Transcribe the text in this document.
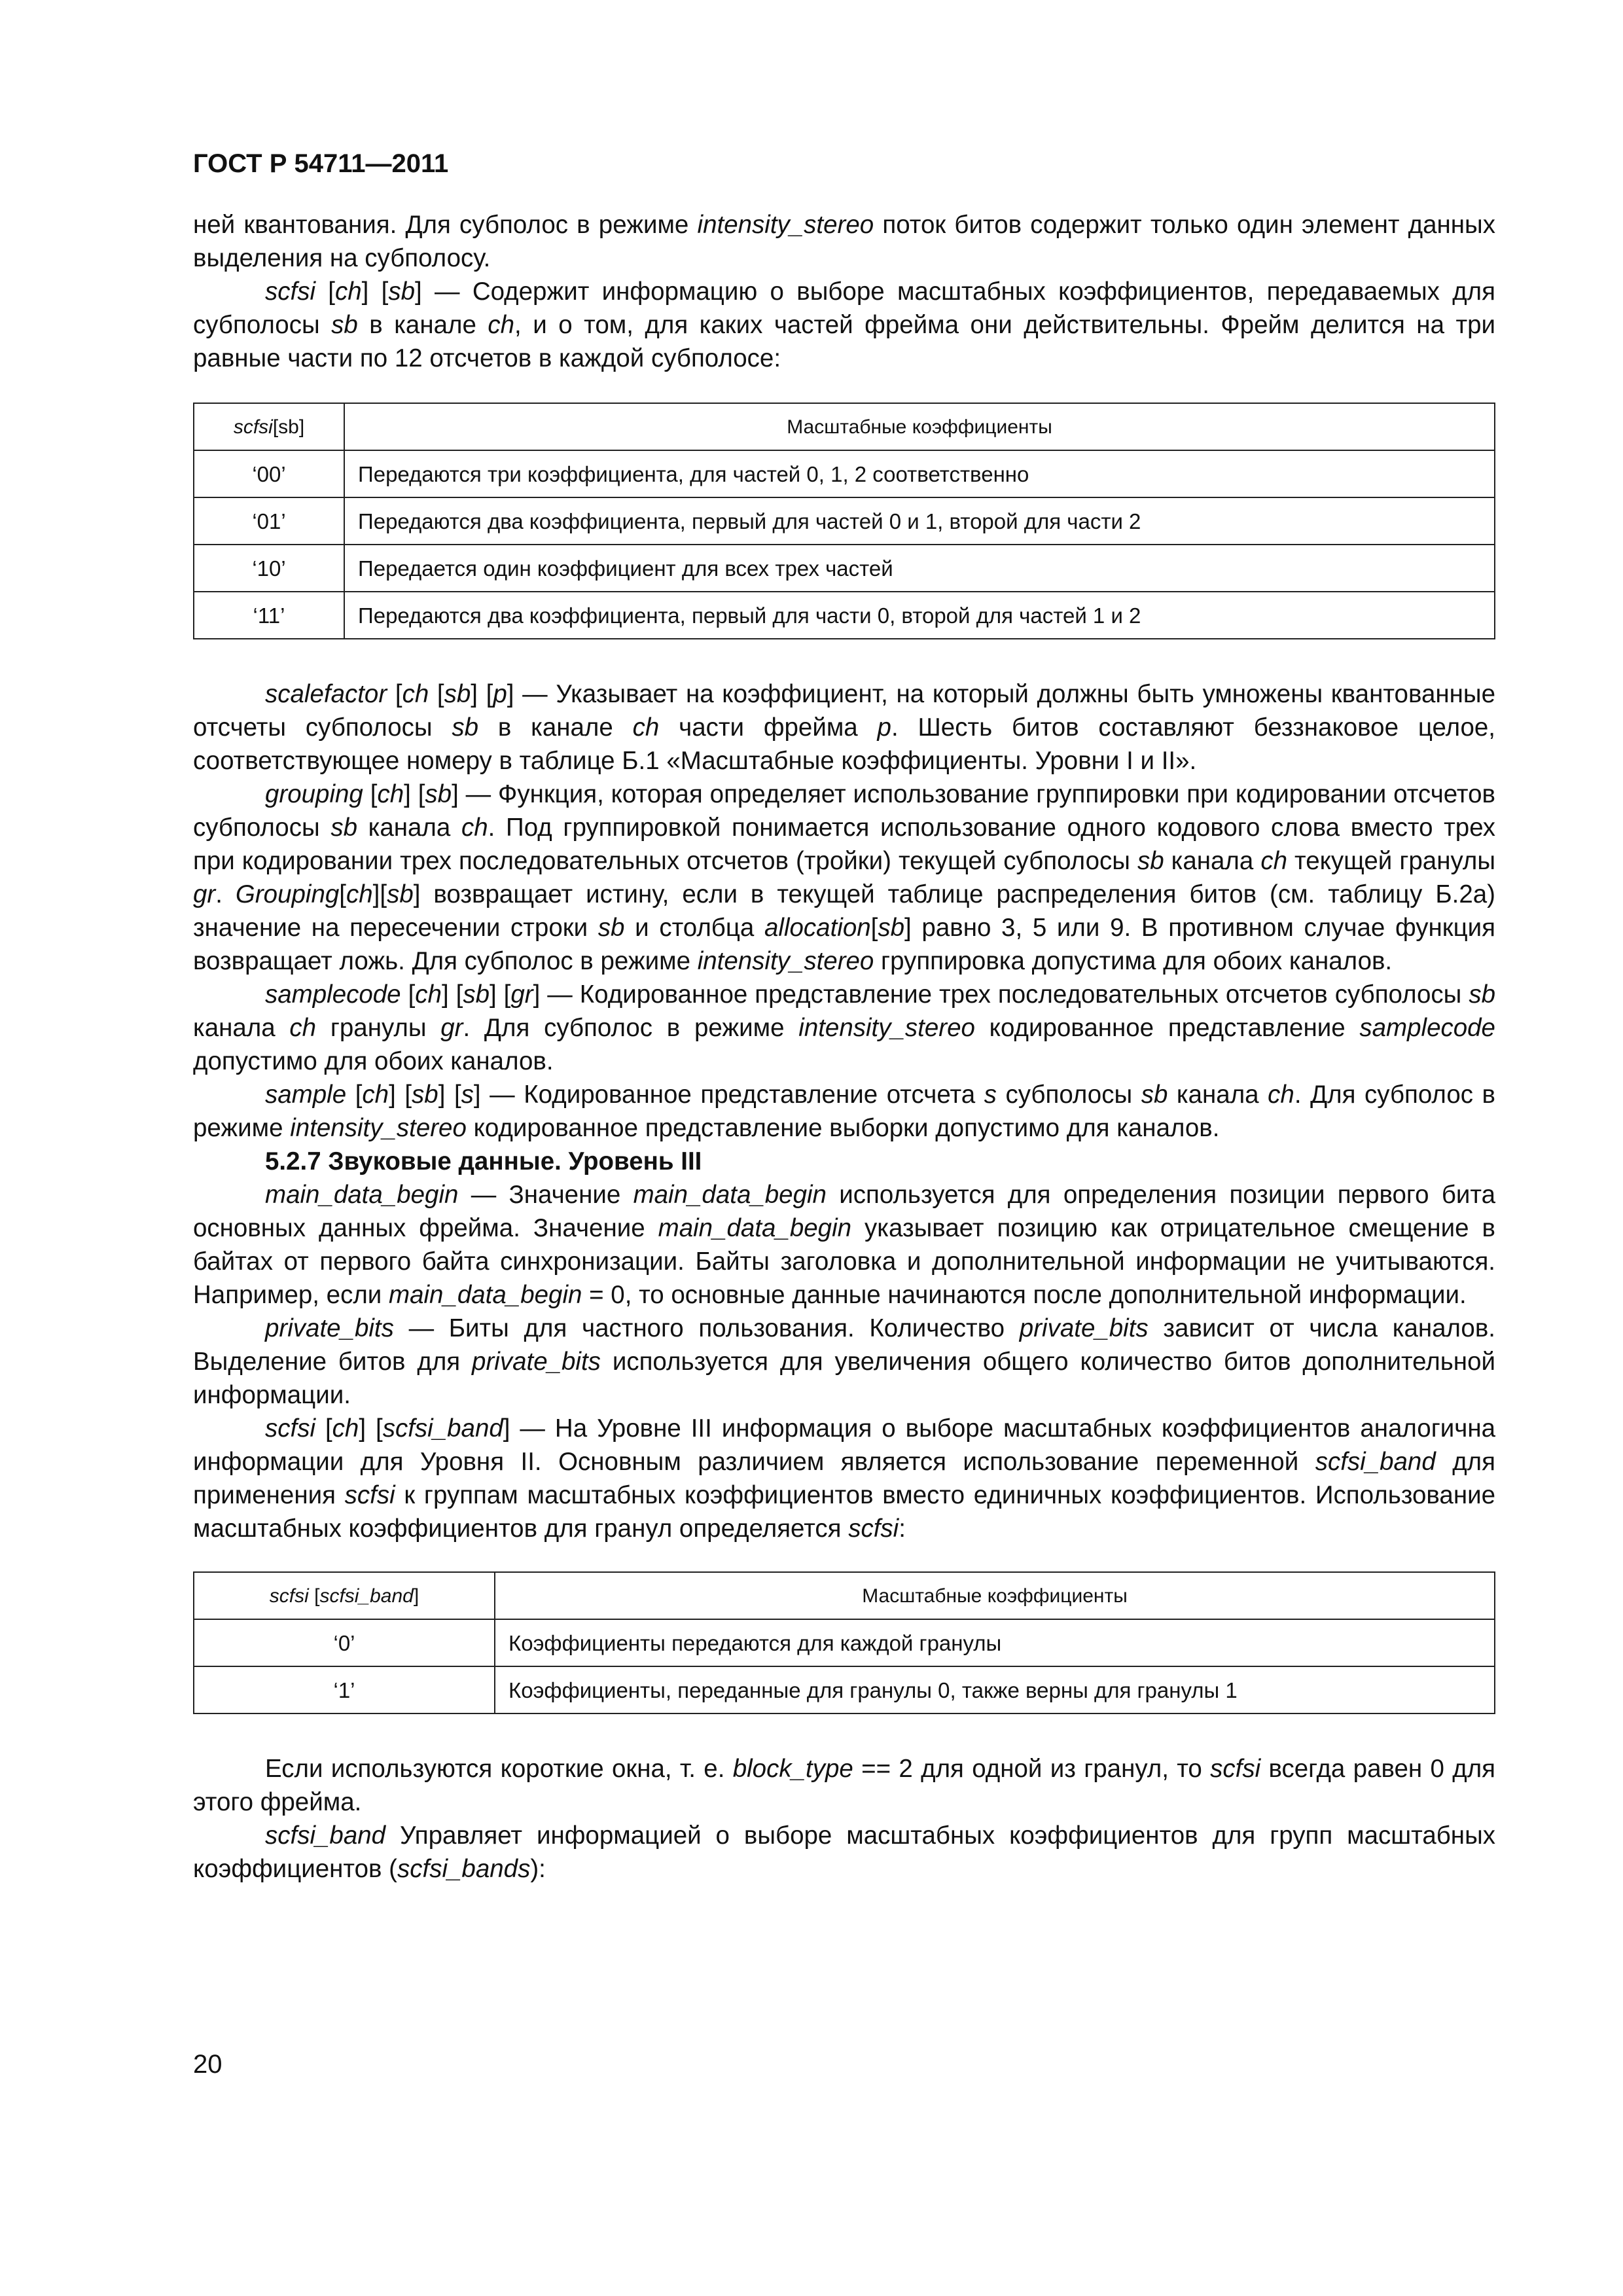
ГОСТ Р 54711—2011

ней квантования. Для субполос в режиме intensity_stereo поток битов содержит только один элемент данных выделения на субполосу.

scfsi [ch] [sb] — Содержит информацию о выборе масштабных коэффициентов, передаваемых для субполосы sb в канале ch, и о том, для каких частей фрейма они действительны. Фрейм делится на три равные части по 12 отсчетов в каждой субполосе:

scfsi[sb]	Масштабные коэффициенты
‘00’	Передаются три коэффициента, для частей 0, 1, 2 соответственно
‘01’	Передаются два коэффициента, первый для частей 0 и 1, второй для части 2
‘10’	Передается один коэффициент для всех трех частей
‘11’	Передаются два коэффициента, первый для части 0, второй для частей 1 и 2

scalefactor [ch [sb] [p] — Указывает на коэффициент, на который должны быть умножены квантованные отсчеты субполосы sb в канале ch части фрейма p. Шесть битов составляют беззнаковое целое, соответствующее номеру в таблице Б.1 «Масштабные коэффициенты. Уровни I и II».

grouping [ch] [sb] — Функция, которая определяет использование группировки при кодировании отсчетов субполосы sb канала ch. Под группировкой понимается использование одного кодового слова вместо трех при кодировании трех последовательных отсчетов (тройки) текущей субполосы sb канала ch текущей гранулы gr. Grouping[ch][sb] возвращает истину, если в текущей таблице распределения битов (см. таблицу Б.2а) значение на пересечении строки sb и столбца allocation[sb] равно 3, 5 или 9. В противном случае функция возвращает ложь. Для субполос в режиме intensity_stereo группировка допустима для обоих каналов.

samplecode [ch] [sb] [gr] — Кодированное представление трех последовательных отсчетов субполосы sb канала ch гранулы gr. Для субполос в режиме intensity_stereo кодированное представление samplecode допустимо для обоих каналов.

sample [ch] [sb] [s] — Кодированное представление отсчета s субполосы sb канала ch. Для субполос в режиме intensity_stereo кодированное представление выборки допустимо для каналов.

5.2.7 Звуковые данные. Уровень III

main_data_begin — Значение main_data_begin используется для определения позиции первого бита основных данных фрейма. Значение main_data_begin указывает позицию как отрицательное смещение в байтах от первого байта синхронизации. Байты заголовка и дополнительной информации не учитываются. Например, если main_data_begin = 0, то основные данные начинаются после дополнительной информации.

private_bits — Биты для частного пользования. Количество private_bits зависит от числа каналов. Выделение битов для private_bits используется для увеличения общего количество битов дополнительной информации.

scfsi [ch] [scfsi_band] — На Уровне III информация о выборе масштабных коэффициентов аналогична информации для Уровня II. Основным различием является использование переменной scfsi_band для применения scfsi к группам масштабных коэффициентов вместо единичных коэффициентов. Использование масштабных коэффициентов для гранул определяется scfsi:

scfsi [scfsi_band]	Масштабные коэффициенты
‘0’	Коэффициенты передаются для каждой гранулы
‘1’	Коэффициенты, переданные для гранулы 0, также верны для гранулы 1

Если используются короткие окна, т. е. block_type == 2 для одной из гранул, то scfsi всегда равен 0 для этого фрейма.

scfsi_band Управляет информацией о выборе масштабных коэффициентов для групп масштабных коэффициентов (scfsi_bands):

20
